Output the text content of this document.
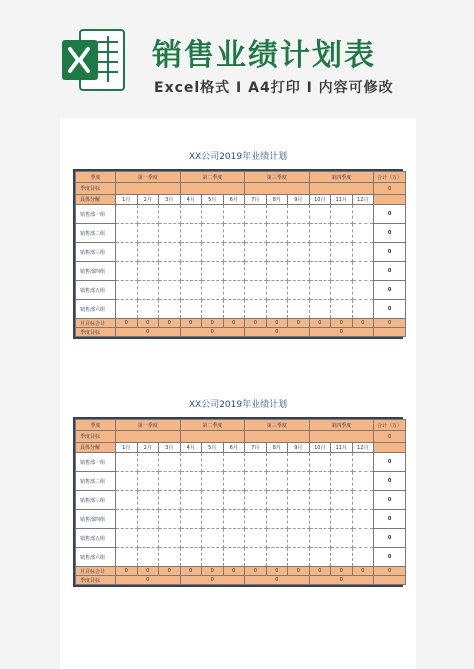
销售业绩计划表
Excel格式 I A4打印 I 内容可修改
XX公司2019年业绩计划
季度	第一季度			第二季度			第三季度			第四季度			合计（万）
季度目标													0
具体分解	1月	2月	3月	4月	5月	6月	7月	8月	9月	10月	11月	12月	
销售部一组													0
销售部二组													0
销售部三组													0
销售部四组													0
销售部五组													0
销售部六组													0
月目标合计	0	0	0	0	0	0	0	0	0	0	0	0	0
季度目标	0			0			0			0			
XX公司2019年业绩计划
季度	第一季度			第二季度			第三季度			第四季度			合计（万）
季度目标													0
具体分解	1月	2月	3月	4月	5月	6月	7月	8月	9月	10月	11月	12月	
销售部一组													0
销售部二组													0
销售部三组													0
销售部四组													0
销售部五组													0
销售部六组													0
月目标合计	0	0	0	0	0	0	0	0	0	0	0	0	0
季度目标	0			0			0			0			
